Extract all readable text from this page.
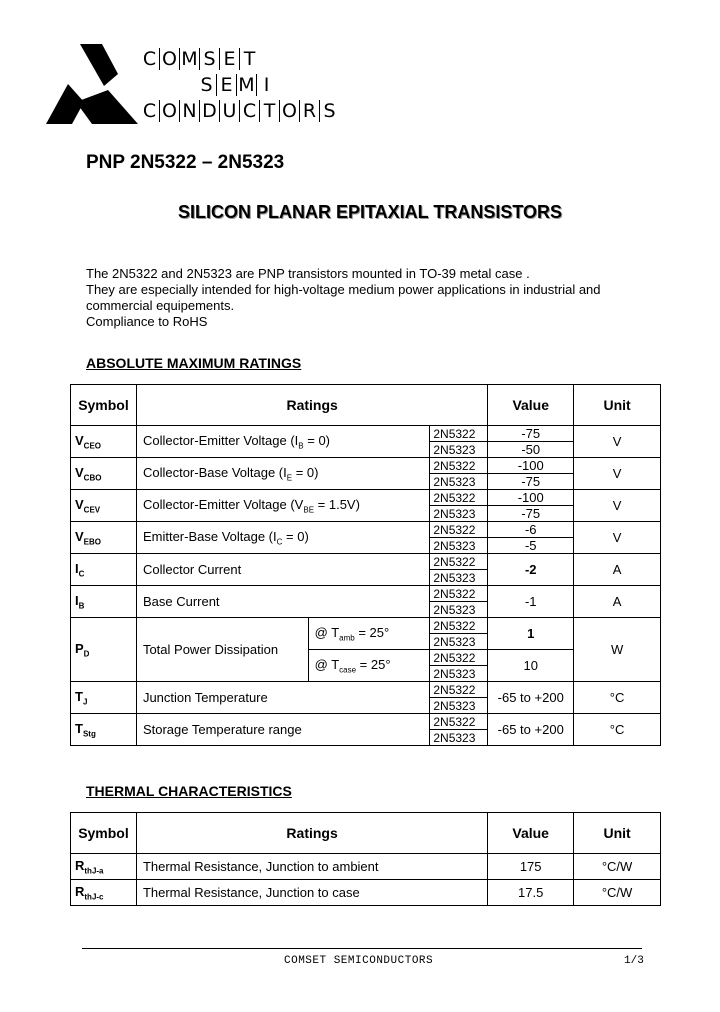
C O M S E T
S E M I
C O N D U C T O R S
PNP 2N5322 – 2N5323
SILICON PLANAR EPITAXIAL TRANSISTORS
The 2N5322 and 2N5323 are PNP transistors mounted in TO-39 metal case .
They are especially intended for high-voltage medium power applications in industrial and
commercial equipements.
Compliance to RoHS
ABSOLUTE MAXIMUM RATINGS
Symbol	Ratings			Value	Unit
$V_{CEO}$	Collector-Emitter Voltage $(I_B = 0)$		2N5322	-75	V
			2N5323	-50	
$V_{CBO}$	Collector-Base Voltage $(I_E = 0)$		2N5322	-100	V
			2N5323	-75	
$V_{CEV}$	Collector-Emitter Voltage $(V_{BE} = 1.5V)$		2N5322	-100	V
			2N5323	-75	
$V_{EBO}$	Emitter-Base Voltage $(I_C = 0)$		2N5322	-6	V
			2N5323	-5	
$I_C$	Collector Current		2N5322	-2	A
			2N5323		
$I_B$	Base Current		2N5322	-1	A
			2N5323		
$P_D$	Total Power Dissipation	@ $T_{amb} = 25^\circ$	2N5322	1	W
			2N5323		
		@ $T_{case} = 25^\circ$	2N5322	10	
			2N5323		
$T_J$	Junction Temperature		2N5322	-65 to +200	°C
			2N5323		
$T_{Stg}$	Storage Temperature range		2N5322	-65 to +200	°C
			2N5323		
THERMAL CHARACTERISTICS
Symbol	Ratings	Value	Unit
$R_{thJ-a}$	Thermal Resistance, Junction to ambient	175	°C/W
$R_{thJ-c}$	Thermal Resistance, Junction to case	17.5	°C/W
COMSET SEMICONDUCTORS	1/3
